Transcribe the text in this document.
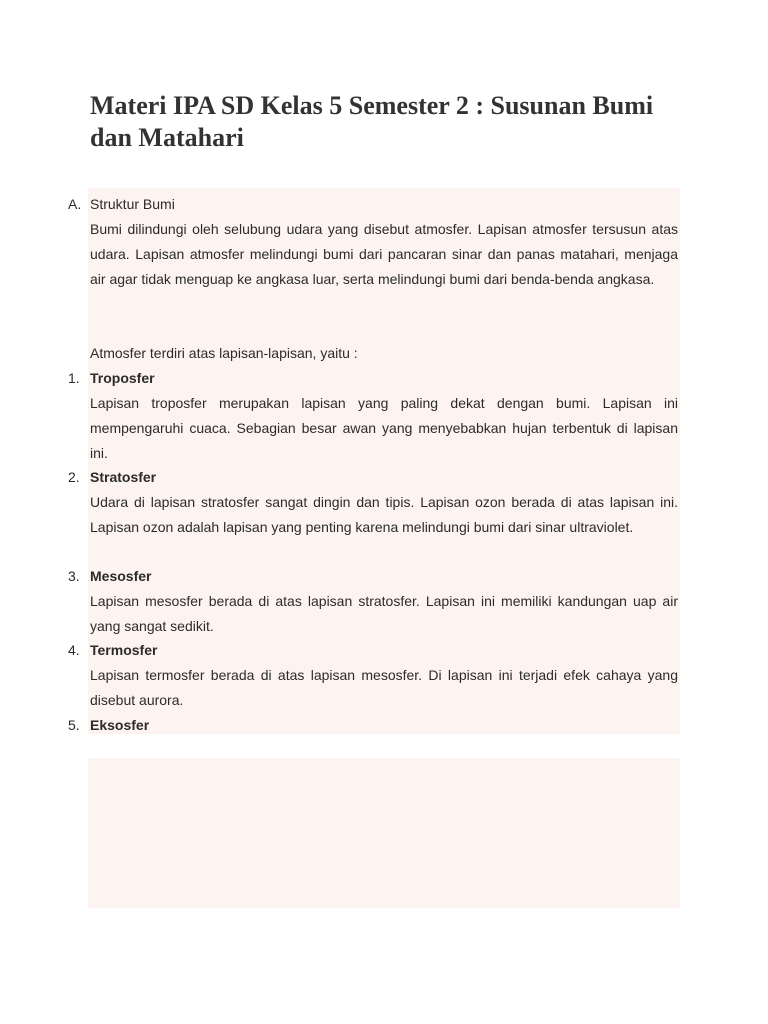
Materi IPA SD Kelas 5 Semester 2 : Susunan Bumi dan Matahari
A. Struktur Bumi

Bumi dilindungi oleh selubung udara yang disebut atmosfer. Lapisan atmosfer tersusun atas udara. Lapisan atmosfer melindungi bumi dari pancaran sinar dan panas matahari, menjaga air agar tidak menguap ke angkasa luar, serta melindungi bumi dari benda-benda angkasa.

Atmosfer terdiri atas lapisan-lapisan, yaitu :

1. Troposfer

Lapisan troposfer merupakan lapisan yang paling dekat dengan bumi. Lapisan ini mempengaruhi cuaca. Sebagian besar awan yang menyebabkan hujan terbentuk di lapisan ini.

2. Stratosfer

Udara di lapisan stratosfer sangat dingin dan tipis. Lapisan ozon berada di atas lapisan ini. Lapisan ozon adalah lapisan yang penting karena melindungi bumi dari sinar ultraviolet.

3. Mesosfer

Lapisan mesosfer berada di atas lapisan stratosfer. Lapisan ini memiliki kandungan uap air yang sangat sedikit.

4. Termosfer

Lapisan termosfer berada di atas lapisan mesosfer. Di lapisan ini terjadi efek cahaya yang disebut aurora.

5. Eksosfer
